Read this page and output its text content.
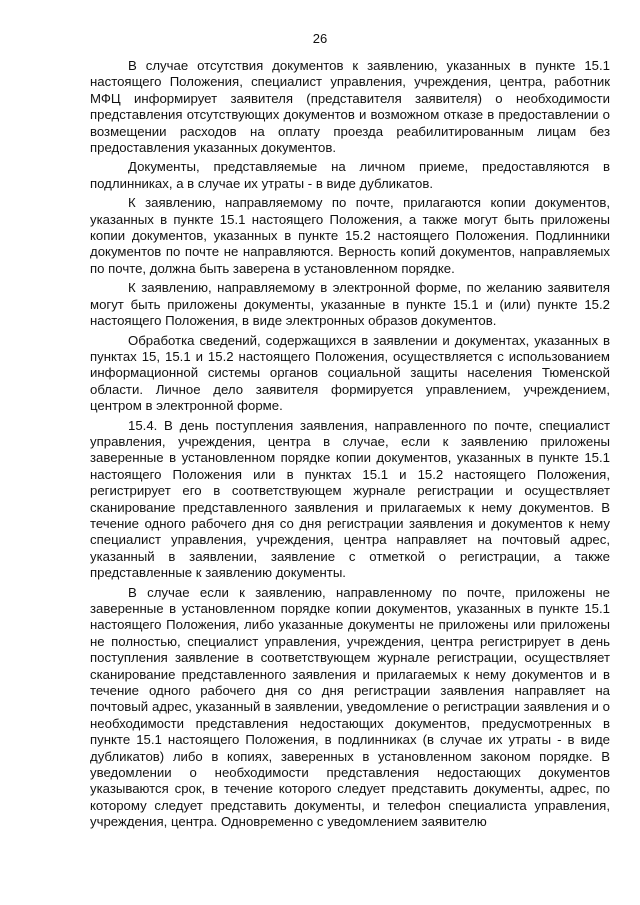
26

В случае отсутствия документов к заявлению, указанных в пункте 15.1 настоящего Положения, специалист управления, учреждения, центра, работник МФЦ информирует заявителя (представителя заявителя) о необходимости представления отсутствующих документов и возможном отказе в предоставлении о возмещении расходов на оплату проезда реабилитированным лицам без предоставления указанных документов.

Документы, представляемые на личном приеме, предоставляются в подлинниках, а в случае их утраты - в виде дубликатов.

К заявлению, направляемому по почте, прилагаются копии документов, указанных в пункте 15.1 настоящего Положения, а также могут быть приложены копии документов, указанных в пункте 15.2 настоящего Положения. Подлинники документов по почте не направляются. Верность копий документов, направляемых по почте, должна быть заверена в установленном порядке.

К заявлению, направляемому в электронной форме, по желанию заявителя могут быть приложены документы, указанные в пункте 15.1 и (или) пункте 15.2 настоящего Положения, в виде электронных образов документов.

Обработка сведений, содержащихся в заявлении и документах, указанных в пунктах 15, 15.1 и 15.2 настоящего Положения, осуществляется с использованием информационной системы органов социальной защиты населения Тюменской области. Личное дело заявителя формируется управлением, учреждением, центром в электронной форме.

15.4. В день поступления заявления, направленного по почте, специалист управления, учреждения, центра в случае, если к заявлению приложены заверенные в установленном порядке копии документов, указанных в пункте 15.1 настоящего Положения или в пунктах 15.1 и 15.2 настоящего Положения, регистрирует его в соответствующем журнале регистрации и осуществляет сканирование представленного заявления и прилагаемых к нему документов. В течение одного рабочего дня со дня регистрации заявления и документов к нему специалист управления, учреждения, центра направляет на почтовый адрес, указанный в заявлении, заявление с отметкой о регистрации, а также представленные к заявлению документы.

В случае если к заявлению, направленному по почте, приложены не заверенные в установленном порядке копии документов, указанных в пункте 15.1 настоящего Положения, либо указанные документы не приложены или приложены не полностью, специалист управления, учреждения, центра регистрирует в день поступления заявление в соответствующем журнале регистрации, осуществляет сканирование представленного заявления и прилагаемых к нему документов и в течение одного рабочего дня со дня регистрации заявления направляет на почтовый адрес, указанный в заявлении, уведомление о регистрации заявления и о необходимости представления недостающих документов, предусмотренных в пункте 15.1 настоящего Положения, в подлинниках (в случае их утраты - в виде дубликатов) либо в копиях, заверенных в установленном законом порядке. В уведомлении о необходимости представления недостающих документов указываются срок, в течение которого следует представить документы, адрес, по которому следует представить документы, и телефон специалиста управления, учреждения, центра. Одновременно с уведомлением заявителю
